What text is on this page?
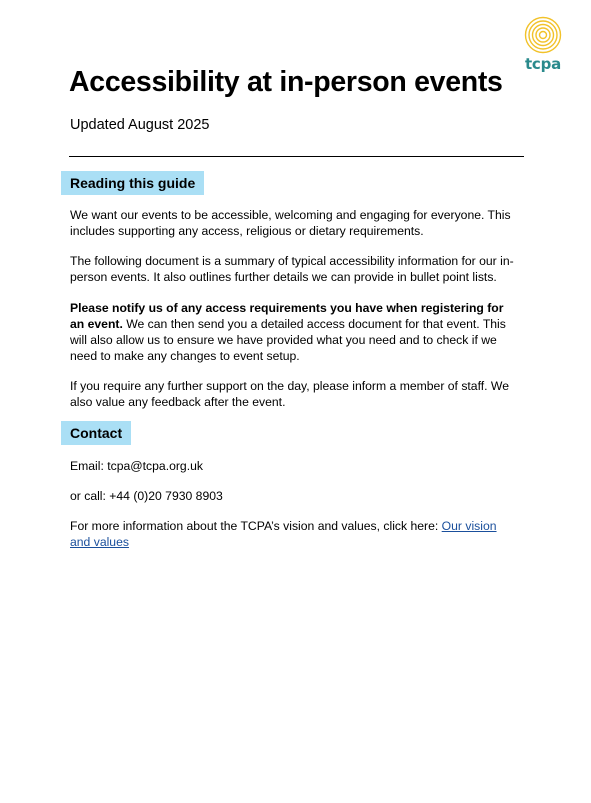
tcpa
Accessibility at in-person events

Updated August 2025

Reading this guide

We want our events to be accessible, welcoming and engaging for everyone. This includes supporting any access, religious or dietary requirements.

The following document is a summary of typical accessibility information for our in-person events. It also outlines further details we can provide in bullet point lists.

Please notify us of any access requirements you have when registering for an event. We can then send you a detailed access document for that event. This will also allow us to ensure we have provided what you need and to check if we need to make any changes to event setup.

If you require any further support on the day, please inform a member of staff. We also value any feedback after the event.

Contact

Email: tcpa@tcpa.org.uk

or call: +44 (0)20 7930 8903

For more information about the TCPA’s vision and values, click here: Our vision and values
